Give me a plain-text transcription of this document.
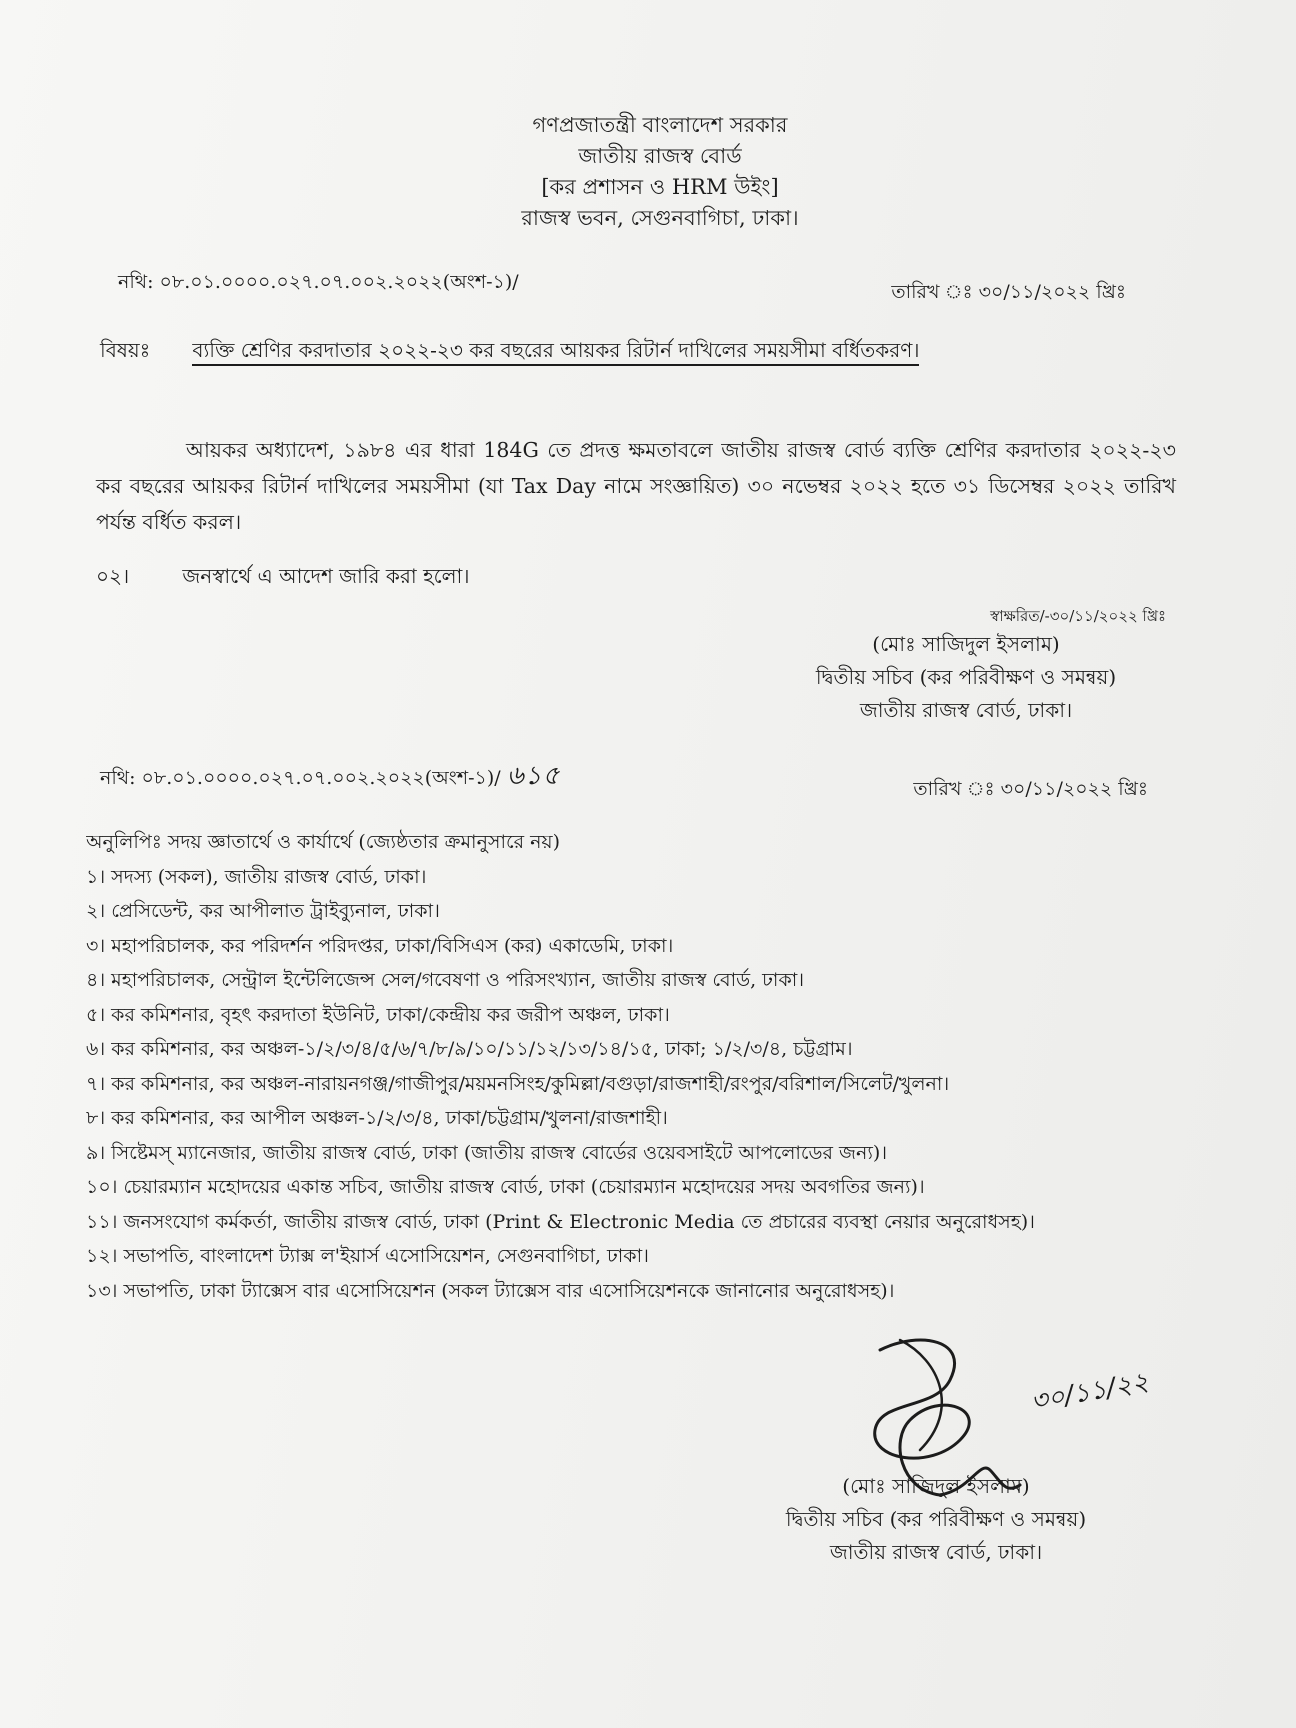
গণপ্রজাতন্ত্রী বাংলাদেশ সরকার
জাতীয় রাজস্ব বোর্ড
[কর প্রশাসন ও HRM উইং]
রাজস্ব ভবন, সেগুনবাগিচা, ঢাকা।
নথি: ০৮.০১.০০০০.০২৭.০৭.০০২.২০২২(অংশ-১)/	তারিখ ঃ ৩০/১১/২০২২ খ্রিঃ
বিষয়ঃ ব্যক্তি শ্রেণির করদাতার ২০২২-২৩ কর বছরের আয়কর রিটার্ন দাখিলের সময়সীমা বর্ধিতকরণ।
আয়কর অধ্যাদেশ, ১৯৮৪ এর ধারা 184G তে প্রদত্ত ক্ষমতাবলে জাতীয় রাজস্ব বোর্ড ব্যক্তি শ্রেণির করদাতার ২০২২-২৩ কর বছরের আয়কর রিটার্ন দাখিলের সময়সীমা (যা Tax Day নামে সংজ্ঞায়িত) ৩০ নভেম্বর ২০২২ হতে ৩১ ডিসেম্বর ২০২২ তারিখ পর্যন্ত বর্ধিত করল।
০২।	জনস্বার্থে এ আদেশ জারি করা হলো।
স্বাক্ষরিত/-৩০/১১/২০২২ খ্রিঃ
(মোঃ সাজিদুল ইসলাম)
দ্বিতীয় সচিব (কর পরিবীক্ষণ ও সমন্বয়)
জাতীয় রাজস্ব বোর্ড, ঢাকা।
নথি: ০৮.০১.০০০০.০২৭.০৭.০০২.২০২২(অংশ-১)/ ৬১৫	তারিখ ঃ ৩০/১১/২০২২ খ্রিঃ
অনুলিপিঃ সদয় জ্ঞাতার্থে ও কার্যার্থে (জ্যেষ্ঠতার ক্রমানুসারে নয়)
১। সদস্য (সকল), জাতীয় রাজস্ব বোর্ড, ঢাকা।
২। প্রেসিডেন্ট, কর আপীলাত ট্রাইব্যুনাল, ঢাকা।
৩। মহাপরিচালক, কর পরিদর্শন পরিদপ্তর, ঢাকা/বিসিএস (কর) একাডেমি, ঢাকা।
৪। মহাপরিচালক, সেন্ট্রাল ইন্টেলিজেন্স সেল/গবেষণা ও পরিসংখ্যান, জাতীয় রাজস্ব বোর্ড, ঢাকা।
৫। কর কমিশনার, বৃহৎ করদাতা ইউনিট, ঢাকা/কেন্দ্রীয় কর জরীপ অঞ্চল, ঢাকা।
৬। কর কমিশনার, কর অঞ্চল-১/২/৩/৪/৫/৬/৭/৮/৯/১০/১১/১২/১৩/১৪/১৫, ঢাকা; ১/২/৩/৪, চট্টগ্রাম।
৭। কর কমিশনার, কর অঞ্চল-নারায়নগঞ্জ/গাজীপুর/ময়মনসিংহ/কুমিল্লা/বগুড়া/রাজশাহী/রংপুর/বরিশাল/সিলেট/খুলনা।
৮। কর কমিশনার, কর আপীল অঞ্চল-১/২/৩/৪, ঢাকা/চট্টগ্রাম/খুলনা/রাজশাহী।
৯। সিষ্টেমস্ ম্যানেজার, জাতীয় রাজস্ব বোর্ড, ঢাকা (জাতীয় রাজস্ব বোর্ডের ওয়েবসাইটে আপলোডের জন্য)।
১০। চেয়ারম্যান মহোদয়ের একান্ত সচিব, জাতীয় রাজস্ব বোর্ড, ঢাকা (চেয়ারম্যান মহোদয়ের সদয় অবগতির জন্য)।
১১। জনসংযোগ কর্মকর্তা, জাতীয় রাজস্ব বোর্ড, ঢাকা (Print & Electronic Media তে প্রচারের ব্যবস্থা নেয়ার অনুরোধসহ)।
১২। সভাপতি, বাংলাদেশ ট্যাক্স ল'ইয়ার্স এসোসিয়েশন, সেগুনবাগিচা, ঢাকা।
১৩। সভাপতি, ঢাকা ট্যাক্সেস বার এসোসিয়েশন (সকল ট্যাক্সেস বার এসোসিয়েশনকে জানানোর অনুরোধসহ)।
৩০/১১/২২
(মোঃ সাজিদুল ইসলাম)
দ্বিতীয় সচিব (কর পরিবীক্ষণ ও সমন্বয়)
জাতীয় রাজস্ব বোর্ড, ঢাকা।
